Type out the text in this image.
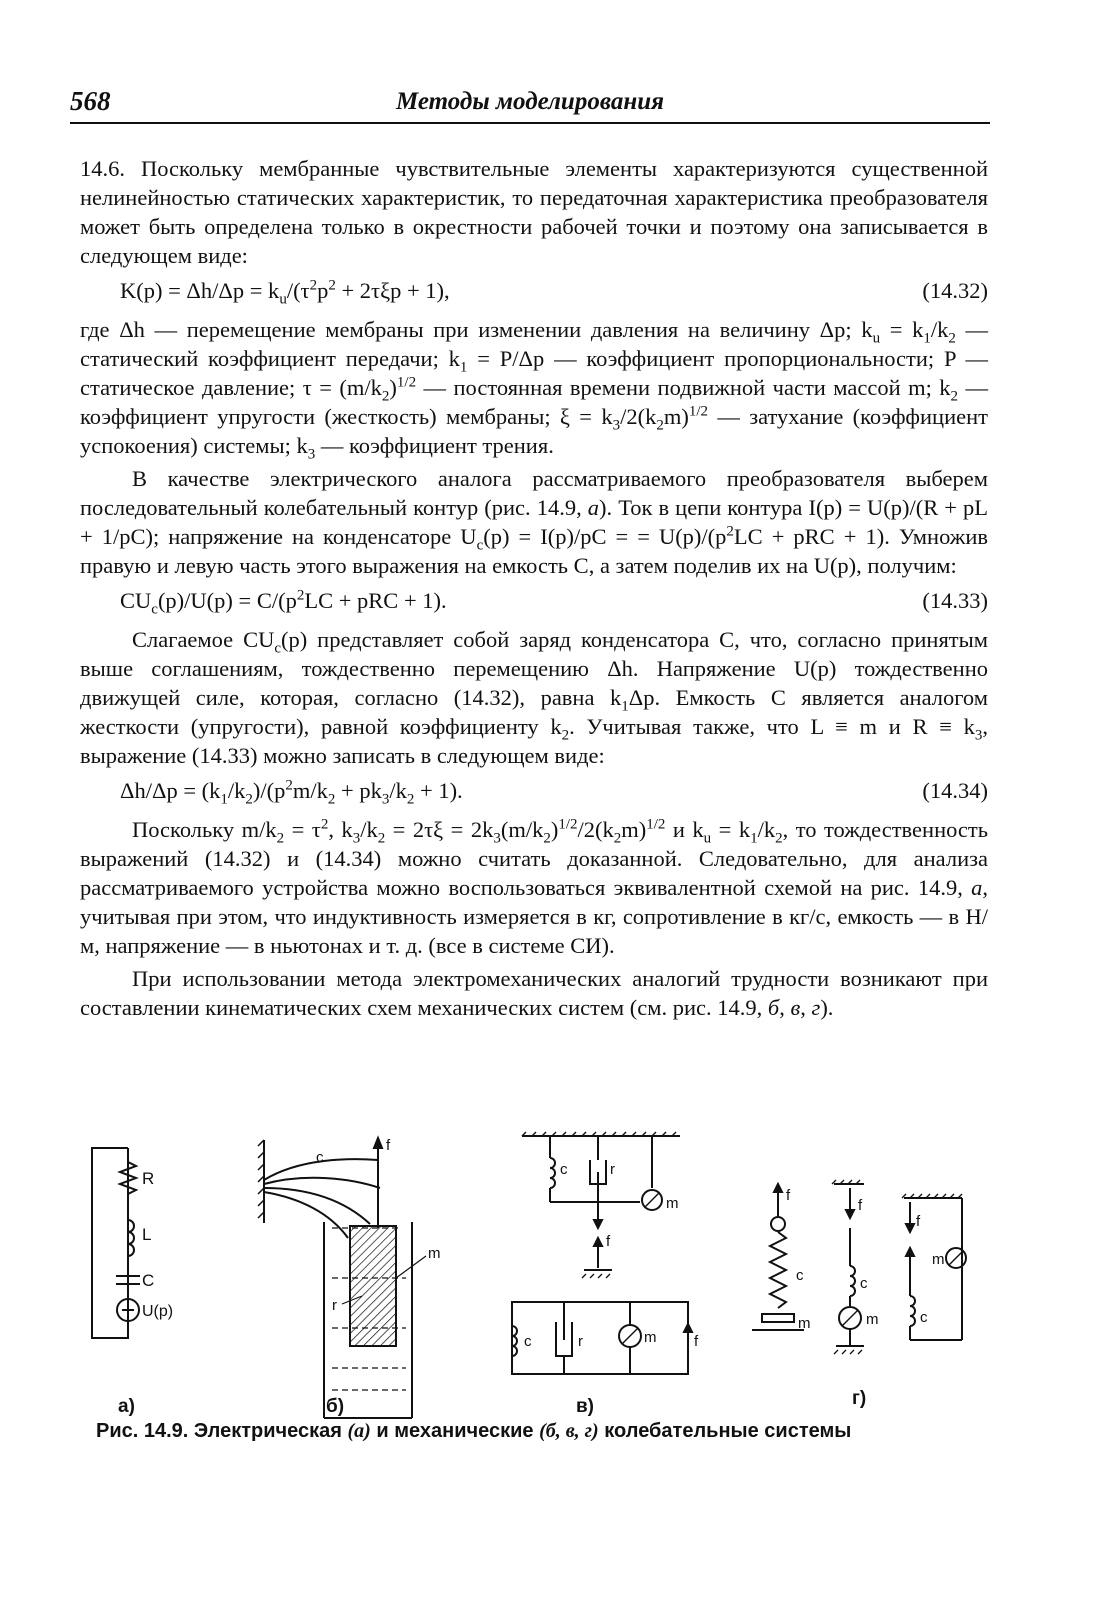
568	Методы моделирования

14.6. Поскольку мембранные чувствительные элементы характеризуются существенной нелинейностью статических характеристик, то передаточная характеристика преобразователя может быть определена только в окрестности рабочей точки и поэтому она записывается в следующем виде:

$K(p) = \Delta h/\Delta p = k_u/(\tau^2p^2 + 2\tau\xi p + 1)$,	(14.32)

где Δh — перемещение мембраны при изменении давления на величину Δp; $k_u = k_1/k_2$ — статический коэффициент передачи; $k_1 = P/\Delta p$ — коэффициент пропорциональности; P — статическое давление; $\tau = (m/k_2)^{1/2}$ — постоянная времени подвижной части массой m; $k_2$ — коэффициент упругости (жесткость) мембраны; $\xi = k_3/2(k_2m)^{1/2}$ — затухание (коэффициент успокоения) системы; $k_3$ — коэффициент трения.

В качестве электрического аналога рассматриваемого преобразователя выберем последовательный колебательный контур (рис. 14.9, а). Ток в цепи контура I(p) = U(p)/(R + pL + 1/pC); напряжение на конденсаторе $U_c(p) = I(p)/pC$ = = $U(p)/(p^2LC$ + pRC + 1). Умножив правую и левую часть этого выражения на емкость C, а затем поделив их на U(p), получим:

$CU_c(p)/U(p) = C/(p^2LC$ + pRC + 1).	(14.33)

Слагаемое $CU_c(p)$ представляет собой заряд конденсатора C, что, согласно принятым выше соглашениям, тождественно перемещению Δh. Напряжение U(p) тождественно движущей силе, которая, согласно (14.32), равна $k_1\Delta p$. Емкость C является аналогом жесткости (упругости), равной коэффициенту $k_2$. Учитывая также, что L ≡ m и $R \equiv k_3$, выражение (14.33) можно записать в следующем виде:

$\Delta h/\Delta p = (k_1/k_2)/(p^2m/k_2 + pk_3/k_2 + 1)$.	(14.34)

Поскольку $m/k_2 = \tau^2$, $k_3/k_2 = 2\tau\xi = 2k_3(m/k_2)^{1/2}/2(k_2m)^{1/2}$ и $k_u = k_1/k_2$, то тождественность выражений (14.32) и (14.34) можно считать доказанной. Следовательно, для анализа рассматриваемого устройства можно воспользоваться эквивалентной схемой на рис. 14.9, а, учитывая при этом, что индуктивность измеряется в кг, сопротивление в кг/с, емкость — в Н/м, напряжение — в ньютонах и т. д. (все в системе СИ).

При использовании метода электромеханических аналогий трудности возникают при составлении кинематических схем механических систем (см. рис. 14.9, б, в, г).

R
L
C
U(p)
c
f
m
r
c	r
m
f
c	r	m	f
f
c
m
f
c
m
f
c
m
а)	б)	в)	г)
Рис. 14.9. Электрическая (а) и механические (б, в, г) колебательные системы
